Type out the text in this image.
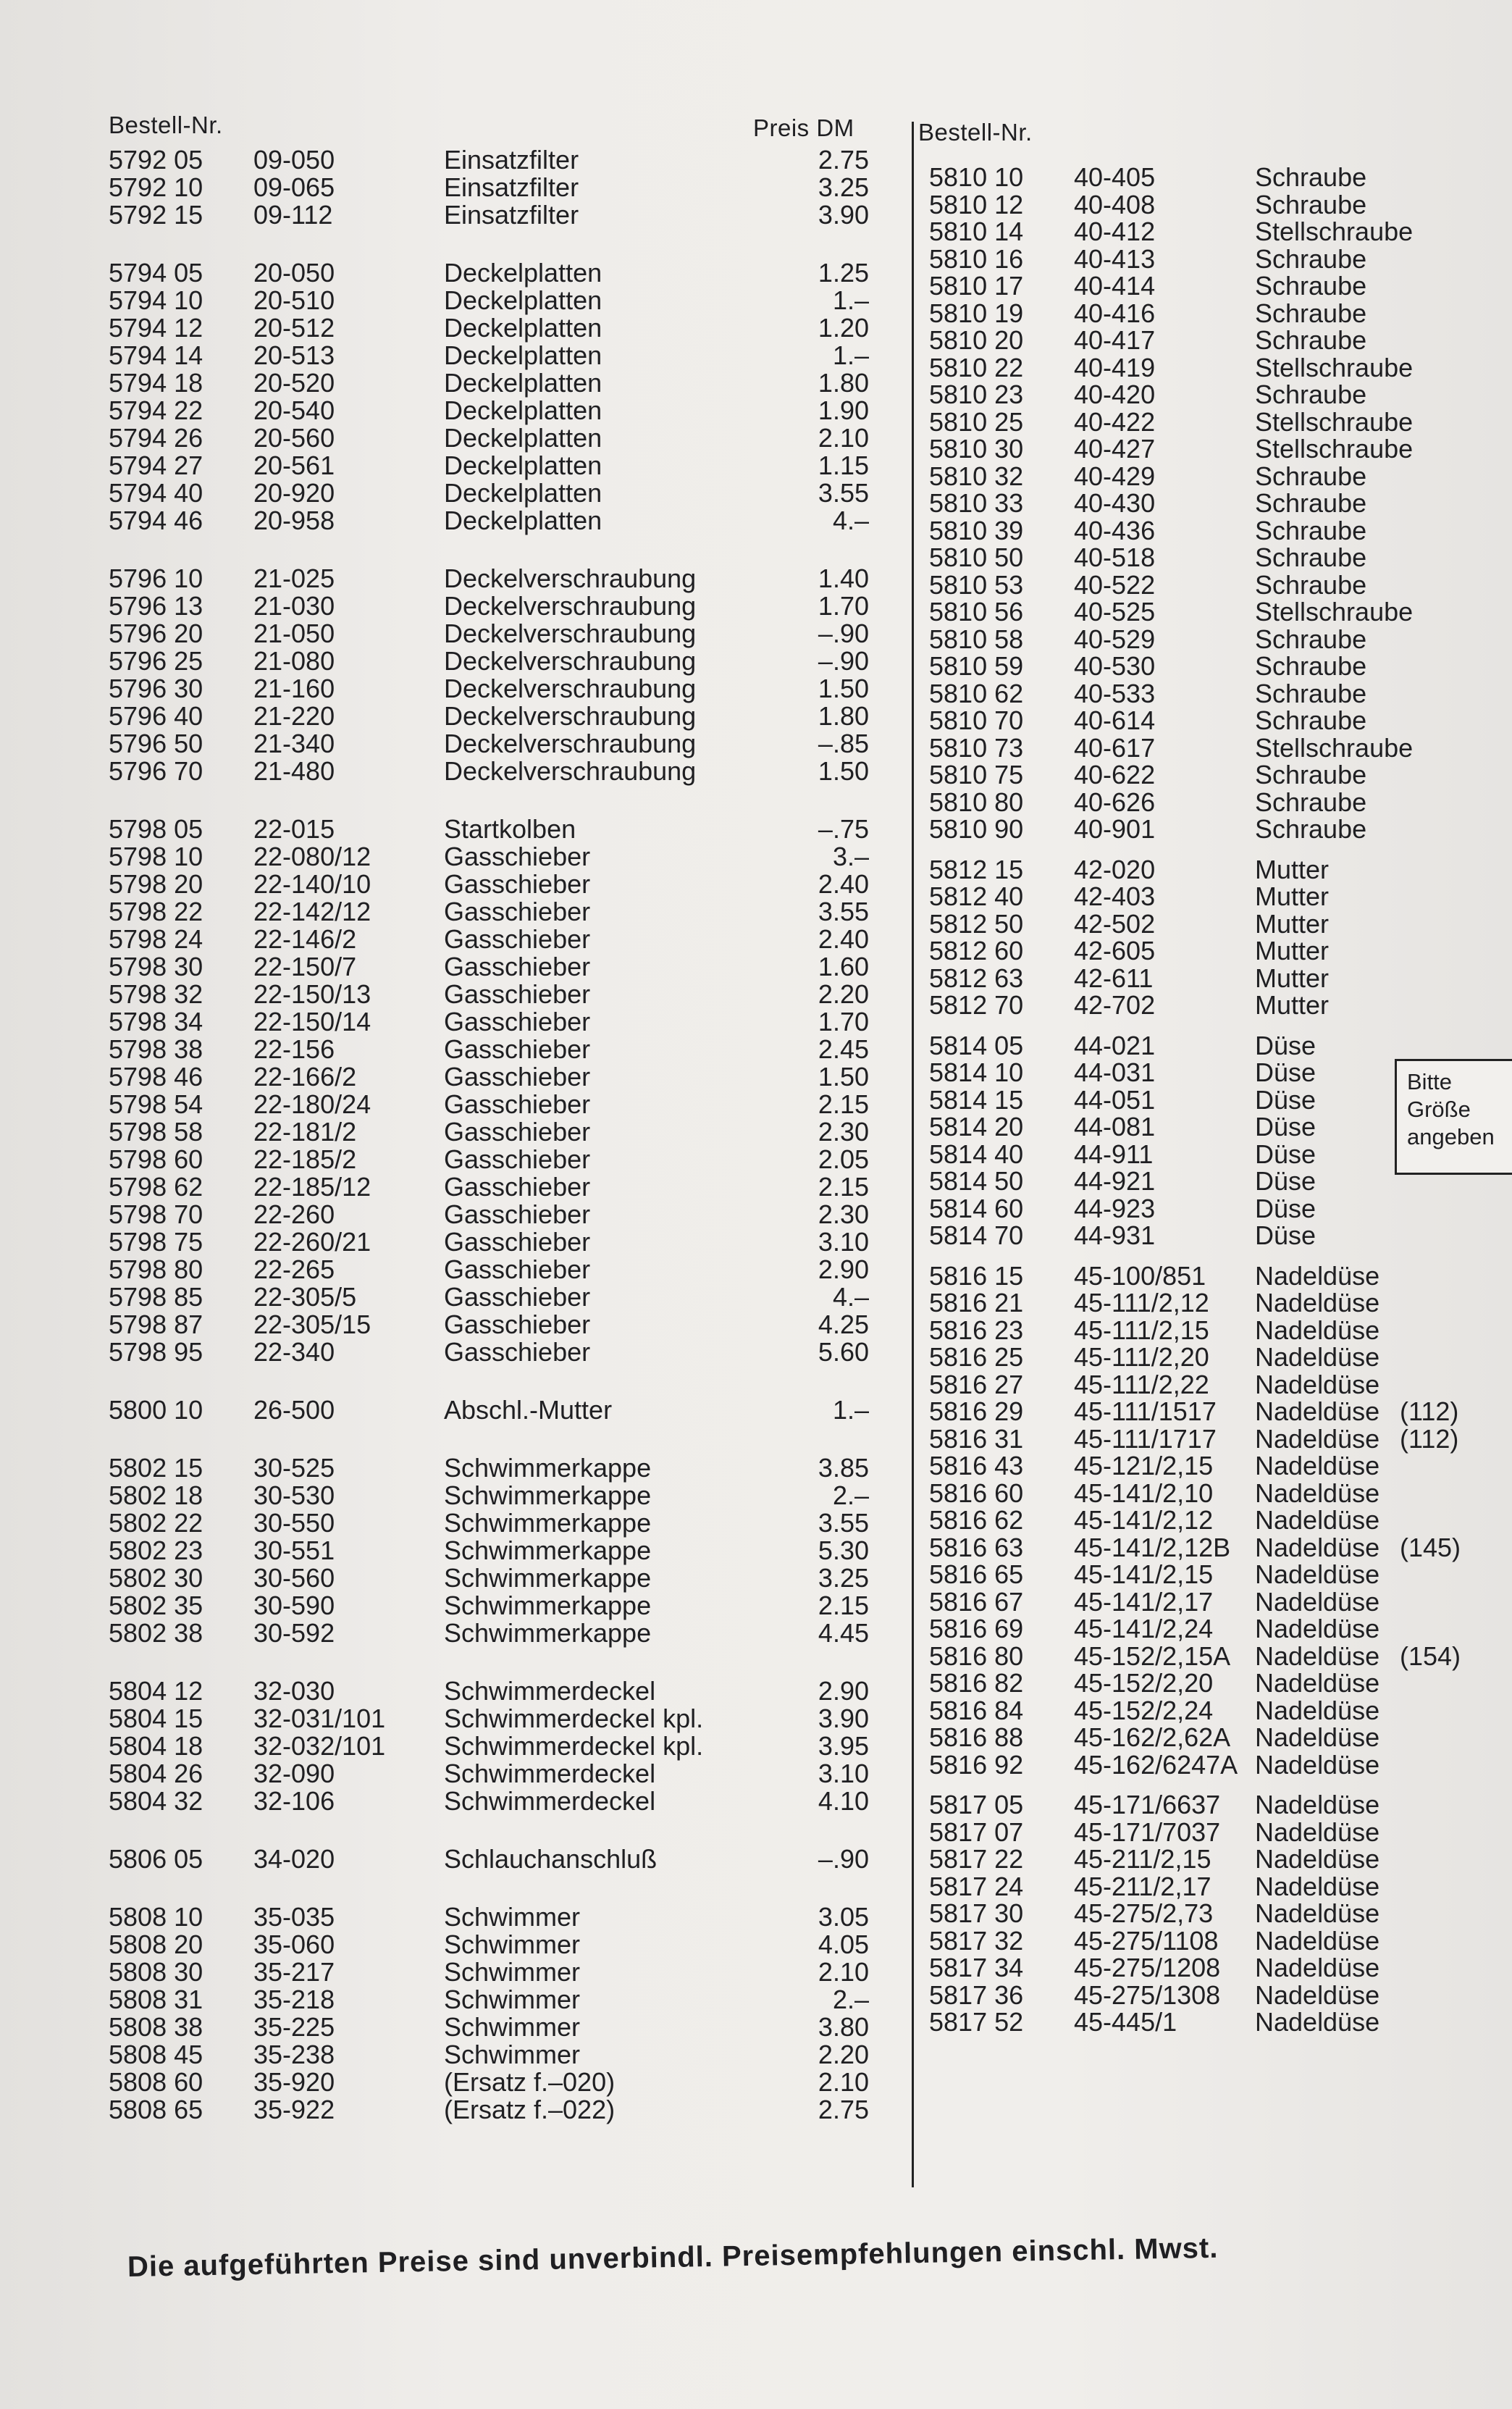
Bestell-Nr.	Preis DM	Bestell-Nr.
5792 05 09-050	Einsatzfilter	2.75
5792 10 09-065	Einsatzfilter	3.25
5792 15 09-112	Einsatzfilter	3.90
5794 05 20-050	Deckelplatten	1.25
5794 10 20-510	Deckelplatten	1.–
5794 12 20-512	Deckelplatten	1.20
5794 14 20-513	Deckelplatten	1.–
5794 18 20-520	Deckelplatten	1.80
5794 22 20-540	Deckelplatten	1.90
5794 26 20-560	Deckelplatten	2.10
5794 27 20-561	Deckelplatten	1.15
5794 40 20-920	Deckelplatten	3.55
5794 46 20-958	Deckelplatten	4.–
5796 10 21-025	Deckelverschraubung	1.40
5796 13 21-030	Deckelverschraubung	1.70
5796 20 21-050	Deckelverschraubung	–.90
5796 25 21-080	Deckelverschraubung	–.90
5796 30 21-160	Deckelverschraubung	1.50
5796 40 21-220	Deckelverschraubung	1.80
5796 50 21-340	Deckelverschraubung	–.85
5796 70 21-480	Deckelverschraubung	1.50
5798 05 22-015	Startkolben	–.75
5798 10 22-080/12	Gasschieber	3.–
5798 20 22-140/10	Gasschieber	2.40
5798 22 22-142/12	Gasschieber	3.55
5798 24 22-146/2	Gasschieber	2.40
5798 30 22-150/7	Gasschieber	1.60
5798 32 22-150/13	Gasschieber	2.20
5798 34 22-150/14	Gasschieber	1.70
5798 38 22-156	Gasschieber	2.45
5798 46 22-166/2	Gasschieber	1.50
5798 54 22-180/24	Gasschieber	2.15
5798 58 22-181/2	Gasschieber	2.30
5798 60 22-185/2	Gasschieber	2.05
5798 62 22-185/12	Gasschieber	2.15
5798 70 22-260	Gasschieber	2.30
5798 75 22-260/21	Gasschieber	3.10
5798 80 22-265	Gasschieber	2.90
5798 85 22-305/5	Gasschieber	4.–
5798 87 22-305/15	Gasschieber	4.25
5798 95 22-340	Gasschieber	5.60
5800 10 26-500	Abschl.-Mutter	1.–
5802 15 30-525	Schwimmerkappe	3.85
5802 18 30-530	Schwimmerkappe	2.–
5802 22 30-550	Schwimmerkappe	3.55
5802 23 30-551	Schwimmerkappe	5.30
5802 30 30-560	Schwimmerkappe	3.25
5802 35 30-590	Schwimmerkappe	2.15
5802 38 30-592	Schwimmerkappe	4.45
5804 12 32-030	Schwimmerdeckel	2.90
5804 15 32-031/101 Schwimmerdeckel kpl.	3.90
5804 18 32-032/101 Schwimmerdeckel kpl.	3.95
5804 26 32-090	Schwimmerdeckel	3.10
5804 32 32-106	Schwimmerdeckel	4.10
5806 05 34-020	Schlauchanschluß	–.90
5808 10 35-035	Schwimmer	3.05
5808 20 35-060	Schwimmer	4.05
5808 30 35-217	Schwimmer	2.10
5808 31 35-218	Schwimmer	2.–
5808 38 35-225	Schwimmer	3.80
5808 45 35-238	Schwimmer	2.20
5808 60 35-920	(Ersatz f.–020)	2.10
5808 65 35-922	(Ersatz f.–022)	2.75
5810 10 40-405	Schraube
5810 12 40-408	Schraube
5810 14 40-412	Stellschraube
5810 16 40-413	Schraube
5810 17 40-414	Schraube
5810 19 40-416	Schraube
5810 20 40-417	Schraube
5810 22 40-419	Stellschraube
5810 23 40-420	Schraube
5810 25 40-422	Stellschraube
5810 30 40-427	Stellschraube
5810 32 40-429	Schraube
5810 33 40-430	Schraube
5810 39 40-436	Schraube
5810 50 40-518	Schraube
5810 53 40-522	Schraube
5810 56 40-525	Stellschraube
5810 58 40-529	Schraube
5810 59 40-530	Schraube
5810 62 40-533	Schraube
5810 70 40-614	Schraube
5810 73 40-617	Stellschraube
5810 75 40-622	Schraube
5810 80 40-626	Schraube
5810 90 40-901	Schraube
5812 15 42-020	Mutter
5812 40 42-403	Mutter
5812 50 42-502	Mutter
5812 60 42-605	Mutter
5812 63 42-611	Mutter
5812 70 42-702	Mutter
5814 05 44-021	Düse
5814 10 44-031	Düse
5814 15 44-051	Düse
5814 20 44-081	Düse
5814 40 44-911	Düse
5814 50 44-921	Düse
5814 60 44-923	Düse
5814 70 44-931	Düse
5816 15 45-100/851 Nadeldüse
5816 21 45-111/2,12 Nadeldüse
5816 23 45-111/2,15 Nadeldüse
5816 25 45-111/2,20 Nadeldüse
5816 27 45-111/2,22 Nadeldüse
5816 29 45-111/1517 Nadeldüse (112)
5816 31 45-111/1717 Nadeldüse (112)
5816 43 45-121/2,15 Nadeldüse
5816 60 45-141/2,10 Nadeldüse
5816 62 45-141/2,12 Nadeldüse
5816 63 45-141/2,12B Nadeldüse (145)
5816 65 45-141/2,15 Nadeldüse
5816 67 45-141/2,17 Nadeldüse
5816 69 45-141/2,24 Nadeldüse
5816 80 45-152/2,15A Nadeldüse (154)
5816 82 45-152/2,20 Nadeldüse
5816 84 45-152/2,24 Nadeldüse
5816 88 45-162/2,62A Nadeldüse
5816 92 45-162/6247A Nadeldüse
5817 05 45-171/6637 Nadeldüse
5817 07 45-171/7037 Nadeldüse
5817 22 45-211/2,15 Nadeldüse
5817 24 45-211/2,17 Nadeldüse
5817 30 45-275/2,73 Nadeldüse
5817 32 45-275/1108 Nadeldüse
5817 34 45-275/1208 Nadeldüse
5817 36 45-275/1308 Nadeldüse
5817 52 45-445/1	Nadeldüse
Bitte
Größe
angeben
Die aufgeführten Preise sind unverbindl. Preisempfehlungen einschl. Mwst.
